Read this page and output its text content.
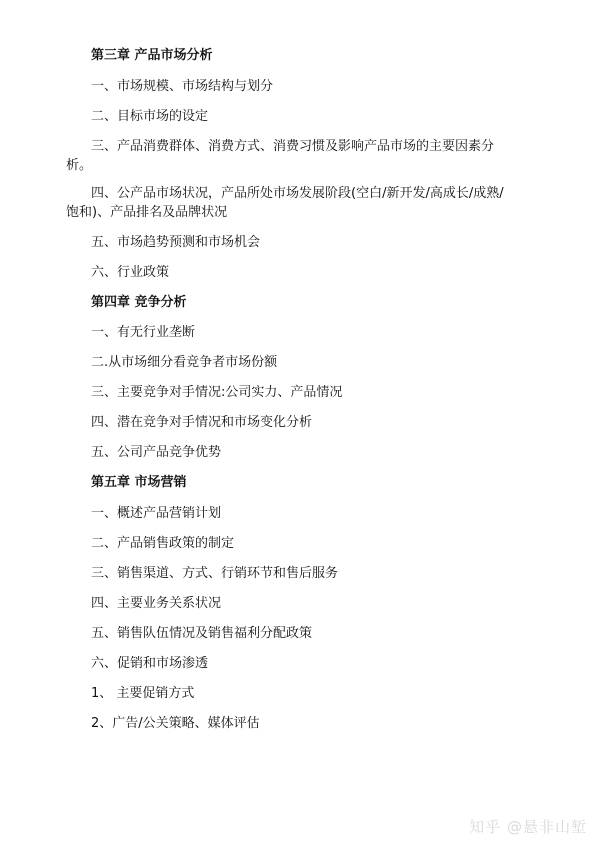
第三章 产品市场分析
一、市场规模、市场结构与划分
二、目标市场的设定
三、产品消费群体、消费方式、消费习惯及影响产品市场的主要因素分
析。
四、公产品市场状况，产品所处市场发展阶段(空白/新开发/高成长/成熟/
饱和)、产品排名及品牌状况
五、市场趋势预测和市场机会
六、行业政策
第四章 竞争分析
一、有无行业垄断
二.从市场细分看竞争者市场份额
三、主要竞争对手情况:公司实力、产品情况
四、潜在竞争对手情况和市场变化分析
五、公司产品竞争优势
第五章 市场营销
一、概述产品营销计划
二、产品销售政策的制定
三、销售渠道、方式、行销环节和售后服务
四、主要业务关系状况
五、销售队伍情况及销售福利分配政策
六、促销和市场渗透
1、 主要促销方式
2、广告/公关策略、媒体评估
知乎 @悬非山堑
